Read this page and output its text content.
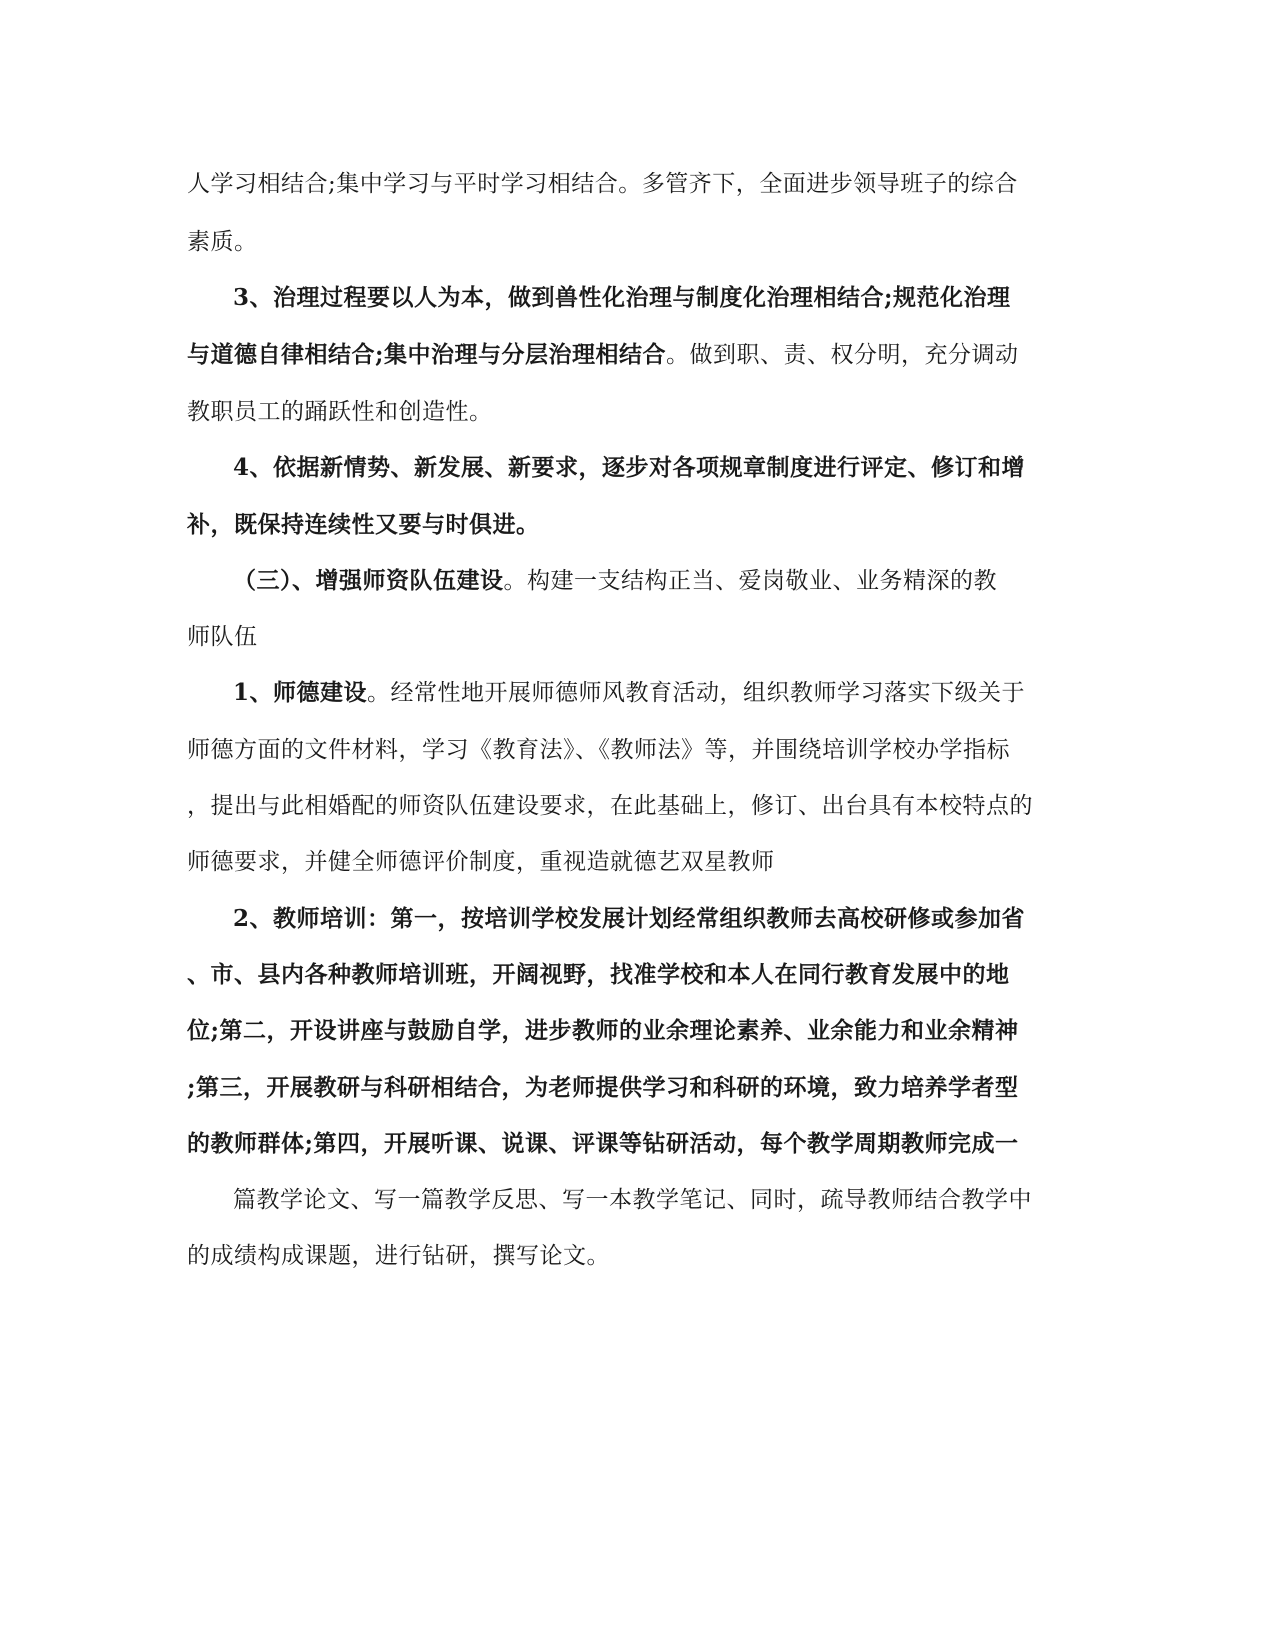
人学习相结合;集中学习与平时学习相结合。多管齐下，全面进步领导班子的综合
素质。
3、治理过程要以人为本，做到兽性化治理与制度化治理相结合;规范化治理
与道德自律相结合;集中治理与分层治理相结合。做到职、责、权分明，充分调动
教职员工的踊跃性和创造性。
4、依据新情势、新发展、新要求，逐步对各项规章制度进行评定、修订和增
补，既保持连续性又要与时俱进。
（三）、增强师资队伍建设。构建一支结构正当、爱岗敬业、业务精深的教
师队伍
1、师德建设。经常性地开展师德师风教育活动，组织教师学习落实下级关于
师德方面的文件材料，学习《教育法》、《教师法》等，并围绕培训学校办学指标
，提出与此相婚配的师资队伍建设要求，在此基础上，修订、出台具有本校特点的
师德要求，并健全师德评价制度，重视造就德艺双星教师
2、教师培训：第一，按培训学校发展计划经常组织教师去高校研修或参加省
、市、县内各种教师培训班，开阔视野，找准学校和本人在同行教育发展中的地
位;第二，开设讲座与鼓励自学，进步教师的业余理论素养、业余能力和业余精神
;第三，开展教研与科研相结合，为老师提供学习和科研的环境，致力培养学者型
的教师群体;第四，开展听课、说课、评课等钻研活动，每个教学周期教师完成一
篇教学论文、写一篇教学反思、写一本教学笔记、同时，疏导教师结合教学中
的成绩构成课题，进行钻研，撰写论文。
